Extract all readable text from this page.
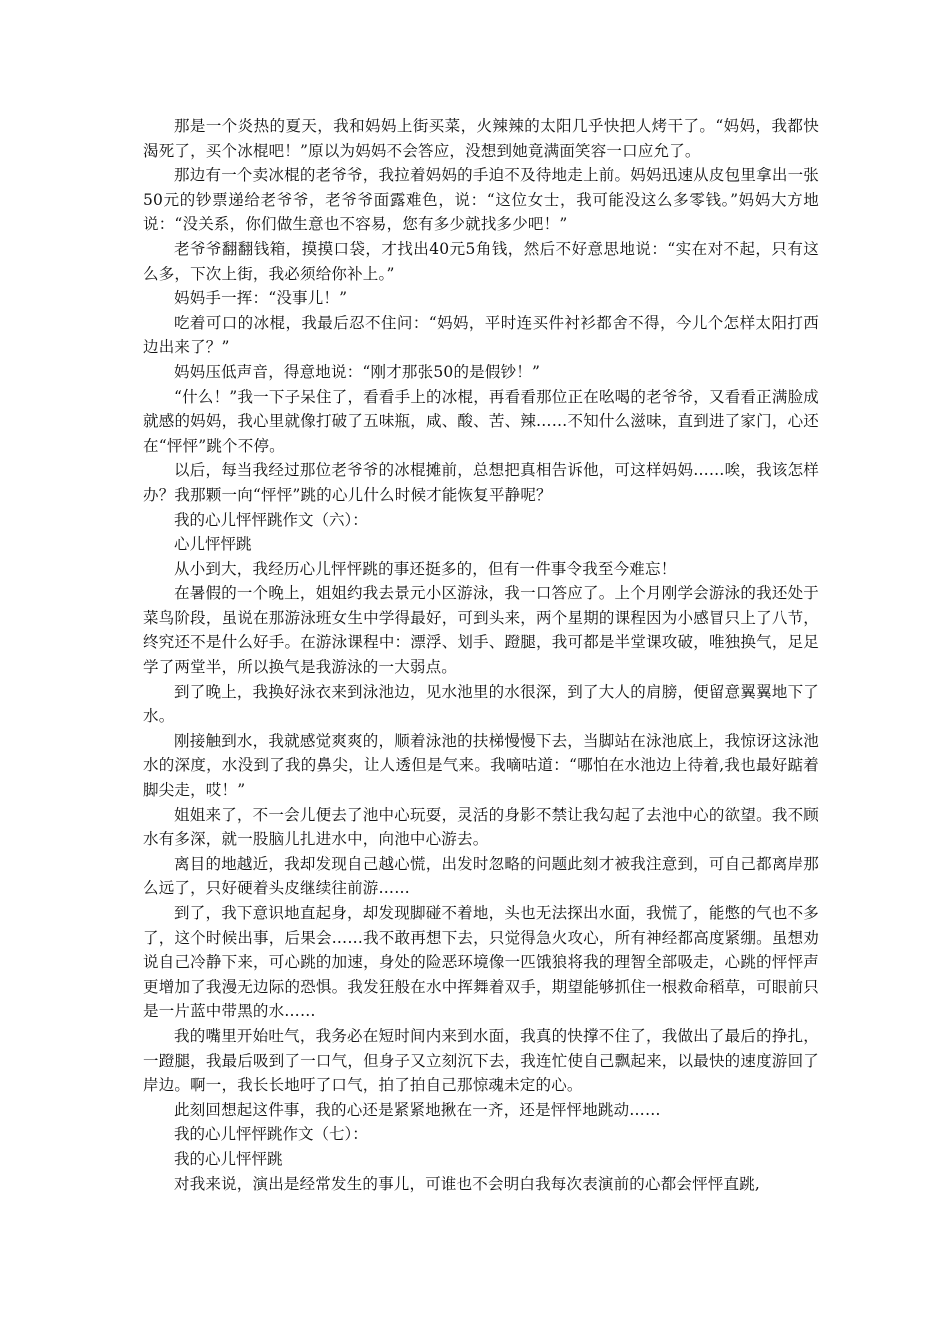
那是一个炎热的夏天，我和妈妈上街买菜，火辣辣的太阳几乎快把人烤干了。“妈妈，我都快渴死了，买个冰棍吧！”原以为妈妈不会答应，没想到她竟满面笑容一口应允了。

那边有一个卖冰棍的老爷爷，我拉着妈妈的手迫不及待地走上前。妈妈迅速从皮包里拿出一张50元的钞票递给老爷爷，老爷爷面露难色，说：“这位女士，我可能没这么多零钱。”妈妈大方地说：“没关系，你们做生意也不容易，您有多少就找多少吧！”

老爷爷翻翻钱箱，摸摸口袋，才找出40元5角钱，然后不好意思地说：“实在对不起，只有这么多，下次上街，我必须给你补上。”

妈妈手一挥：“没事儿！”

吃着可口的冰棍，我最后忍不住问：“妈妈，平时连买件衬衫都舍不得，今儿个怎样太阳打西边出来了？”

妈妈压低声音，得意地说：“刚才那张50的是假钞！”

“什么！”我一下子呆住了，看看手上的冰棍，再看看那位正在吆喝的老爷爷，又看看正满脸成就感的妈妈，我心里就像打破了五味瓶，咸、酸、苦、辣……不知什么滋味，直到进了家门，心还在“怦怦”跳个不停。

以后，每当我经过那位老爷爷的冰棍摊前，总想把真相告诉他，可这样妈妈……唉，我该怎样办？我那颗一向“怦怦”跳的心儿什么时候才能恢复平静呢？

我的心儿怦怦跳作文（六）：

心儿怦怦跳

从小到大，我经历心儿怦怦跳的事还挺多的，但有一件事令我至今难忘！

在暑假的一个晚上，姐姐约我去景元小区游泳，我一口答应了。上个月刚学会游泳的我还处于菜鸟阶段，虽说在那游泳班女生中学得最好，可到头来，两个星期的课程因为小感冒只上了八节，终究还不是什么好手。在游泳课程中：漂浮、划手、蹬腿，我可都是半堂课攻破，唯独换气，足足学了两堂半，所以换气是我游泳的一大弱点。

到了晚上，我换好泳衣来到泳池边，见水池里的水很深，到了大人的肩膀，便留意翼翼地下了水。

刚接触到水，我就感觉爽爽的，顺着泳池的扶梯慢慢下去，当脚站在泳池底上，我惊讶这泳池水的深度，水没到了我的鼻尖，让人透但是气来。我嘀咕道：“哪怕在水池边上待着,我也最好踮着脚尖走，哎！”

姐姐来了，不一会儿便去了池中心玩耍，灵活的身影不禁让我勾起了去池中心的欲望。我不顾水有多深，就一股脑儿扎进水中，向池中心游去。

离目的地越近，我却发现自己越心慌，出发时忽略的问题此刻才被我注意到，可自己都离岸那么远了，只好硬着头皮继续往前游……

到了，我下意识地直起身，却发现脚碰不着地，头也无法探出水面，我慌了，能憋的气也不多了，这个时候出事，后果会……我不敢再想下去，只觉得急火攻心，所有神经都高度紧绷。虽想劝说自己冷静下来，可心跳的加速，身处的险恶环境像一匹饿狼将我的理智全部吸走，心跳的怦怦声更增加了我漫无边际的恐惧。我发狂般在水中挥舞着双手，期望能够抓住一根救命稻草，可眼前只是一片蓝中带黑的水……

我的嘴里开始吐气，我务必在短时间内来到水面，我真的快撑不住了，我做出了最后的挣扎，一蹬腿，我最后吸到了一口气，但身子又立刻沉下去，我连忙使自己飘起来，以最快的速度游回了岸边。啊一，我长长地吁了口气，拍了拍自己那惊魂未定的心。

此刻回想起这件事，我的心还是紧紧地揪在一齐，还是怦怦地跳动……

我的心儿怦怦跳作文（七）：

我的心儿怦怦跳

对我来说，演出是经常发生的事儿，可谁也不会明白我每次表演前的心都会怦怦直跳,
